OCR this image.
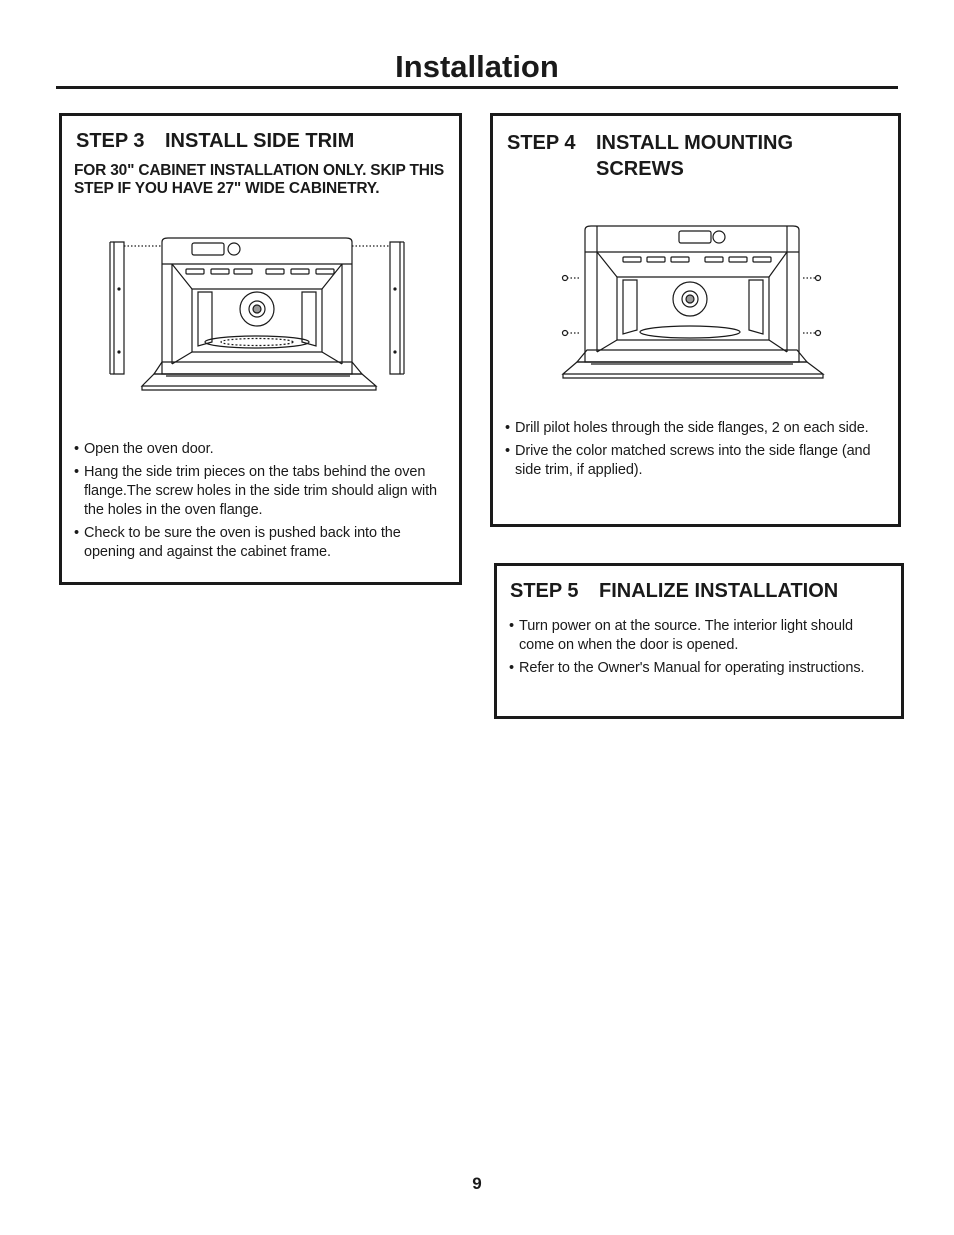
Installation
STEP 3 INSTALL SIDE TRIM

FOR 30" CABINET INSTALLATION ONLY. SKIP THIS STEP IF YOU HAVE 27" WIDE CABINETRY.

• Open the oven door.
• Hang the side trim pieces on the tabs behind the oven flange.The screw holes in the side trim should align with the holes in the oven flange.
• Check to be sure the oven is pushed back into the opening and against the cabinet frame.
STEP 4 INSTALL MOUNTING
SCREWS
• Drill pilot holes through the side flanges, 2 on each side.
• Drive the color matched screws into the side flange (and side trim, if applied).
STEP 5 FINALIZE INSTALLATION
• Turn power on at the source. The interior light should come on when the door is opened.
• Refer to the Owner's Manual for operating instructions.

9
